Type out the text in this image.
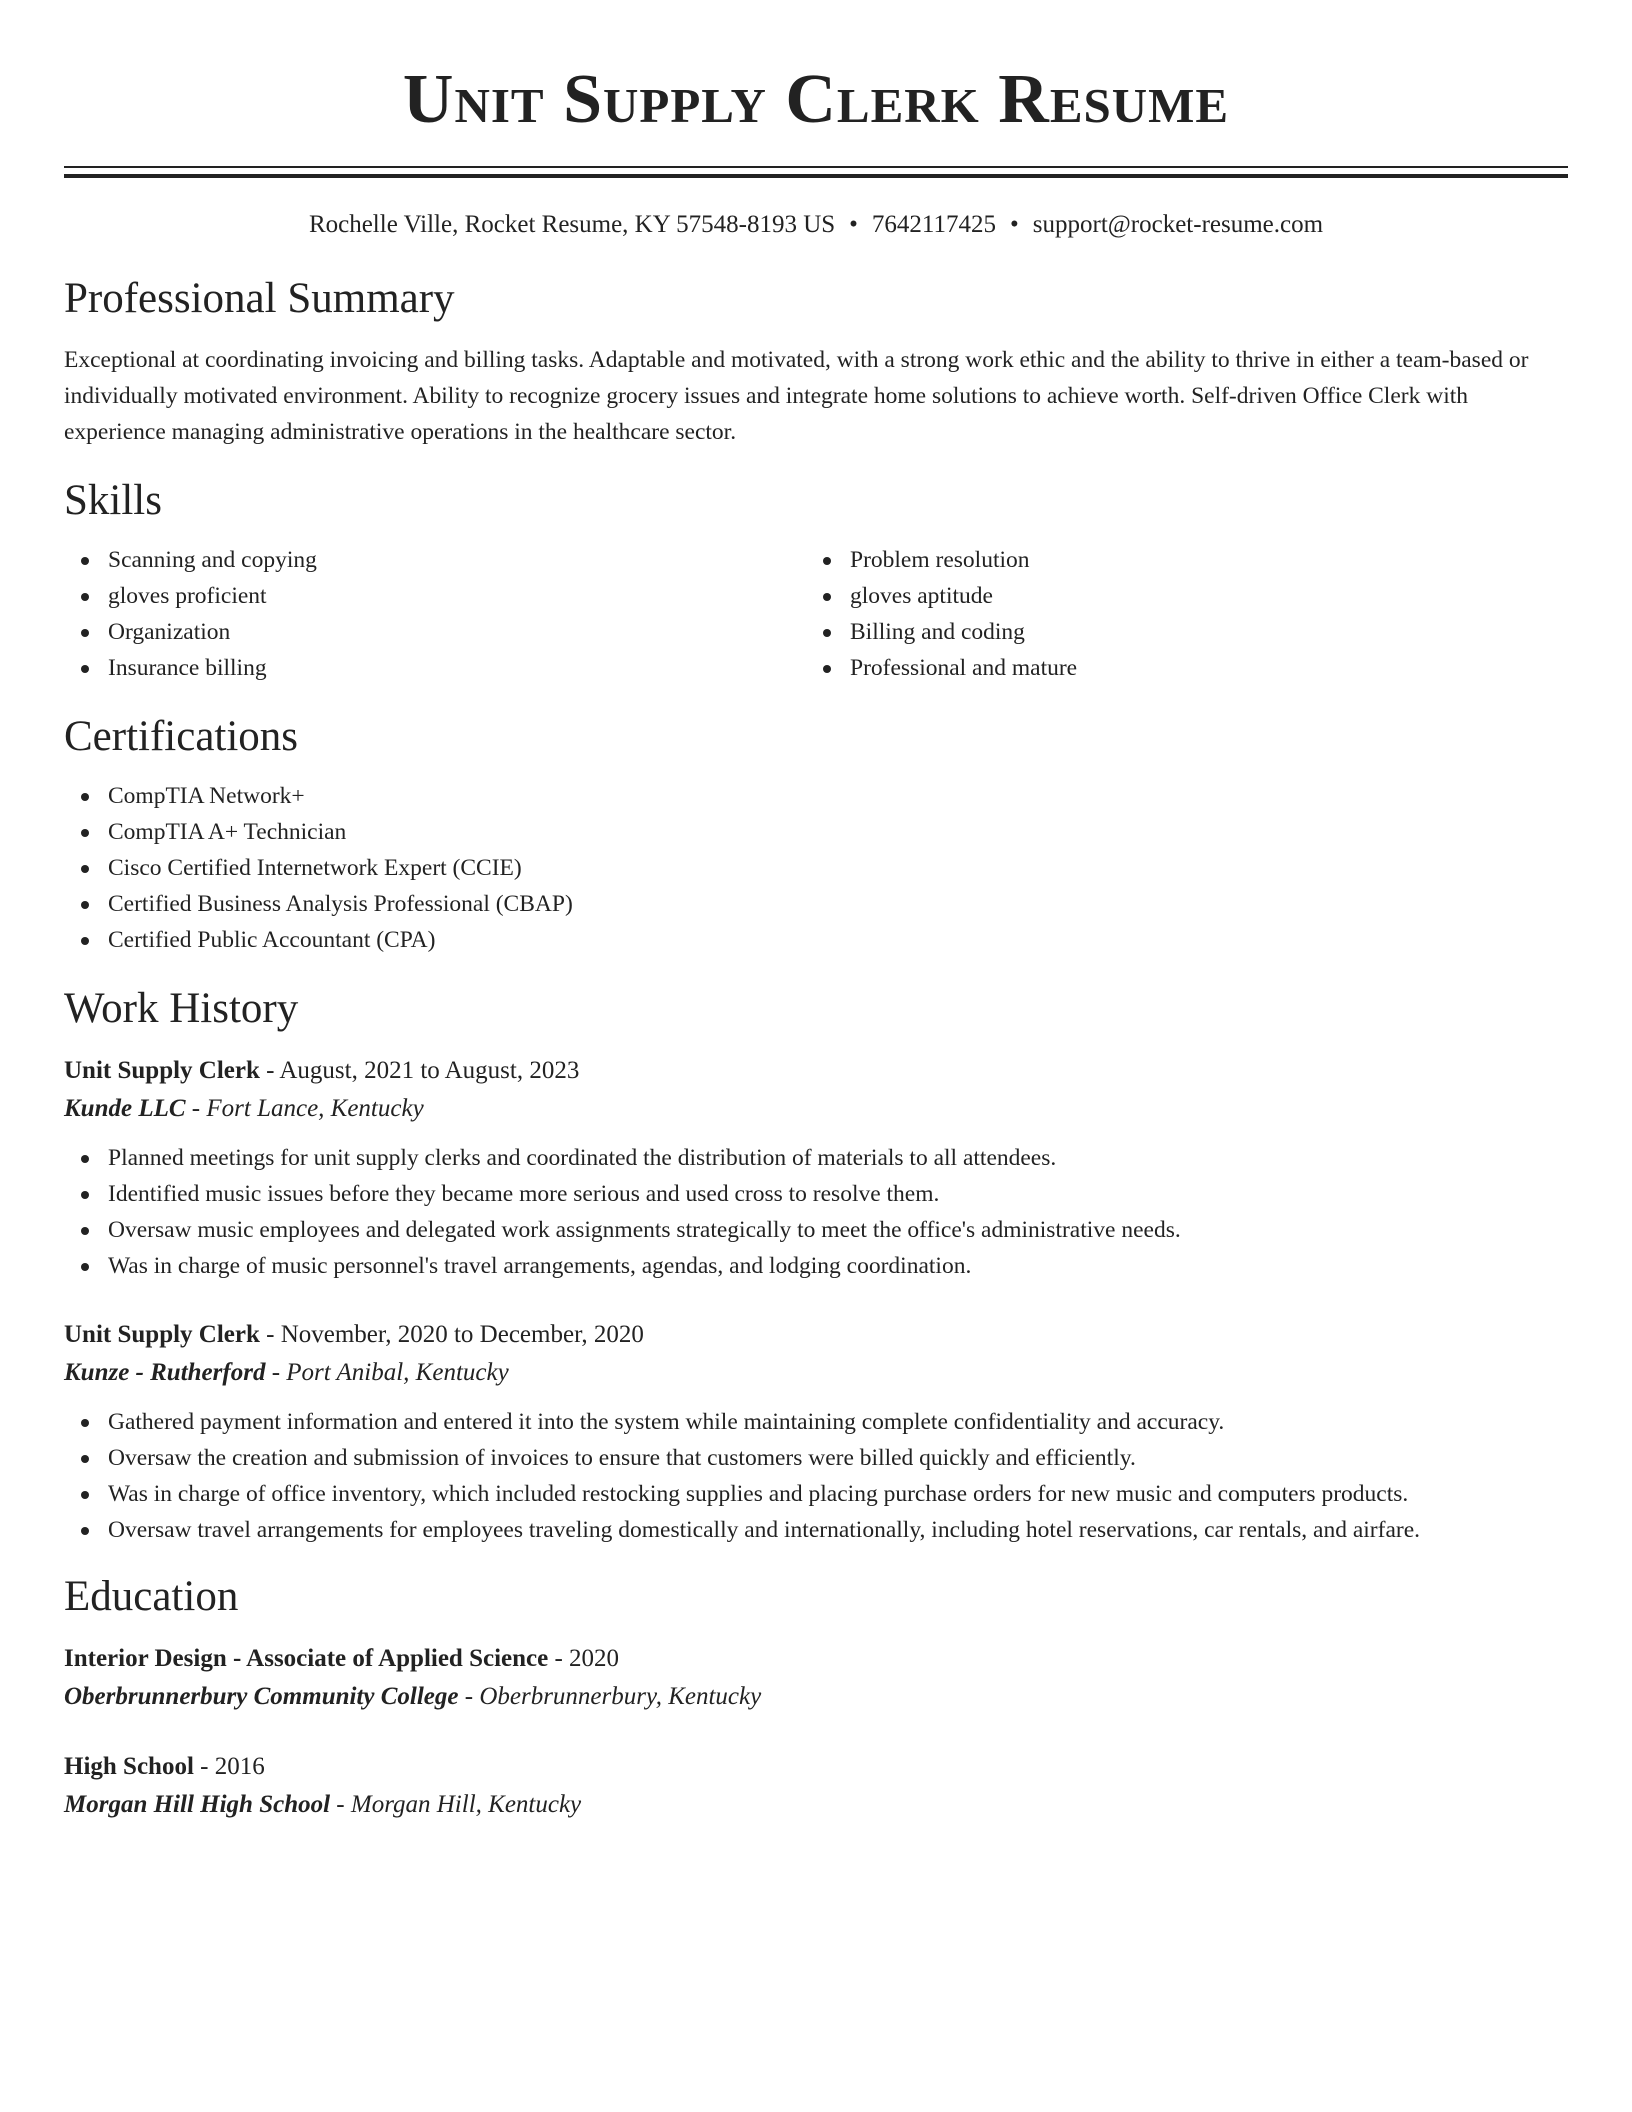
Unit Supply Clerk Resume
Rochelle Ville, Rocket Resume, KY 57548-8193 US • 7642117425 • support@rocket-resume.com
Professional Summary
Exceptional at coordinating invoicing and billing tasks. Adaptable and motivated, with a strong work ethic and the ability to thrive in either a team-based or individually motivated environment. Ability to recognize grocery issues and integrate home solutions to achieve worth. Self-driven Office Clerk with experience managing administrative operations in the healthcare sector.
Skills
Scanning and copying
gloves proficient
Organization
Insurance billing
Problem resolution
gloves aptitude
Billing and coding
Professional and mature
Certifications
CompTIA Network+
CompTIA A+ Technician
Cisco Certified Internetwork Expert (CCIE)
Certified Business Analysis Professional (CBAP)
Certified Public Accountant (CPA)
Work History
Unit Supply Clerk - August, 2021 to August, 2023
Kunde LLC - Fort Lance, Kentucky
Planned meetings for unit supply clerks and coordinated the distribution of materials to all attendees.
Identified music issues before they became more serious and used cross to resolve them.
Oversaw music employees and delegated work assignments strategically to meet the office's administrative needs.
Was in charge of music personnel's travel arrangements, agendas, and lodging coordination.
Unit Supply Clerk - November, 2020 to December, 2020
Kunze - Rutherford - Port Anibal, Kentucky
Gathered payment information and entered it into the system while maintaining complete confidentiality and accuracy.
Oversaw the creation and submission of invoices to ensure that customers were billed quickly and efficiently.
Was in charge of office inventory, which included restocking supplies and placing purchase orders for new music and computers products.
Oversaw travel arrangements for employees traveling domestically and internationally, including hotel reservations, car rentals, and airfare.
Education
Interior Design - Associate of Applied Science - 2020
Oberbrunnerbury Community College - Oberbrunnerbury, Kentucky
High School - 2016
Morgan Hill High School - Morgan Hill, Kentucky
